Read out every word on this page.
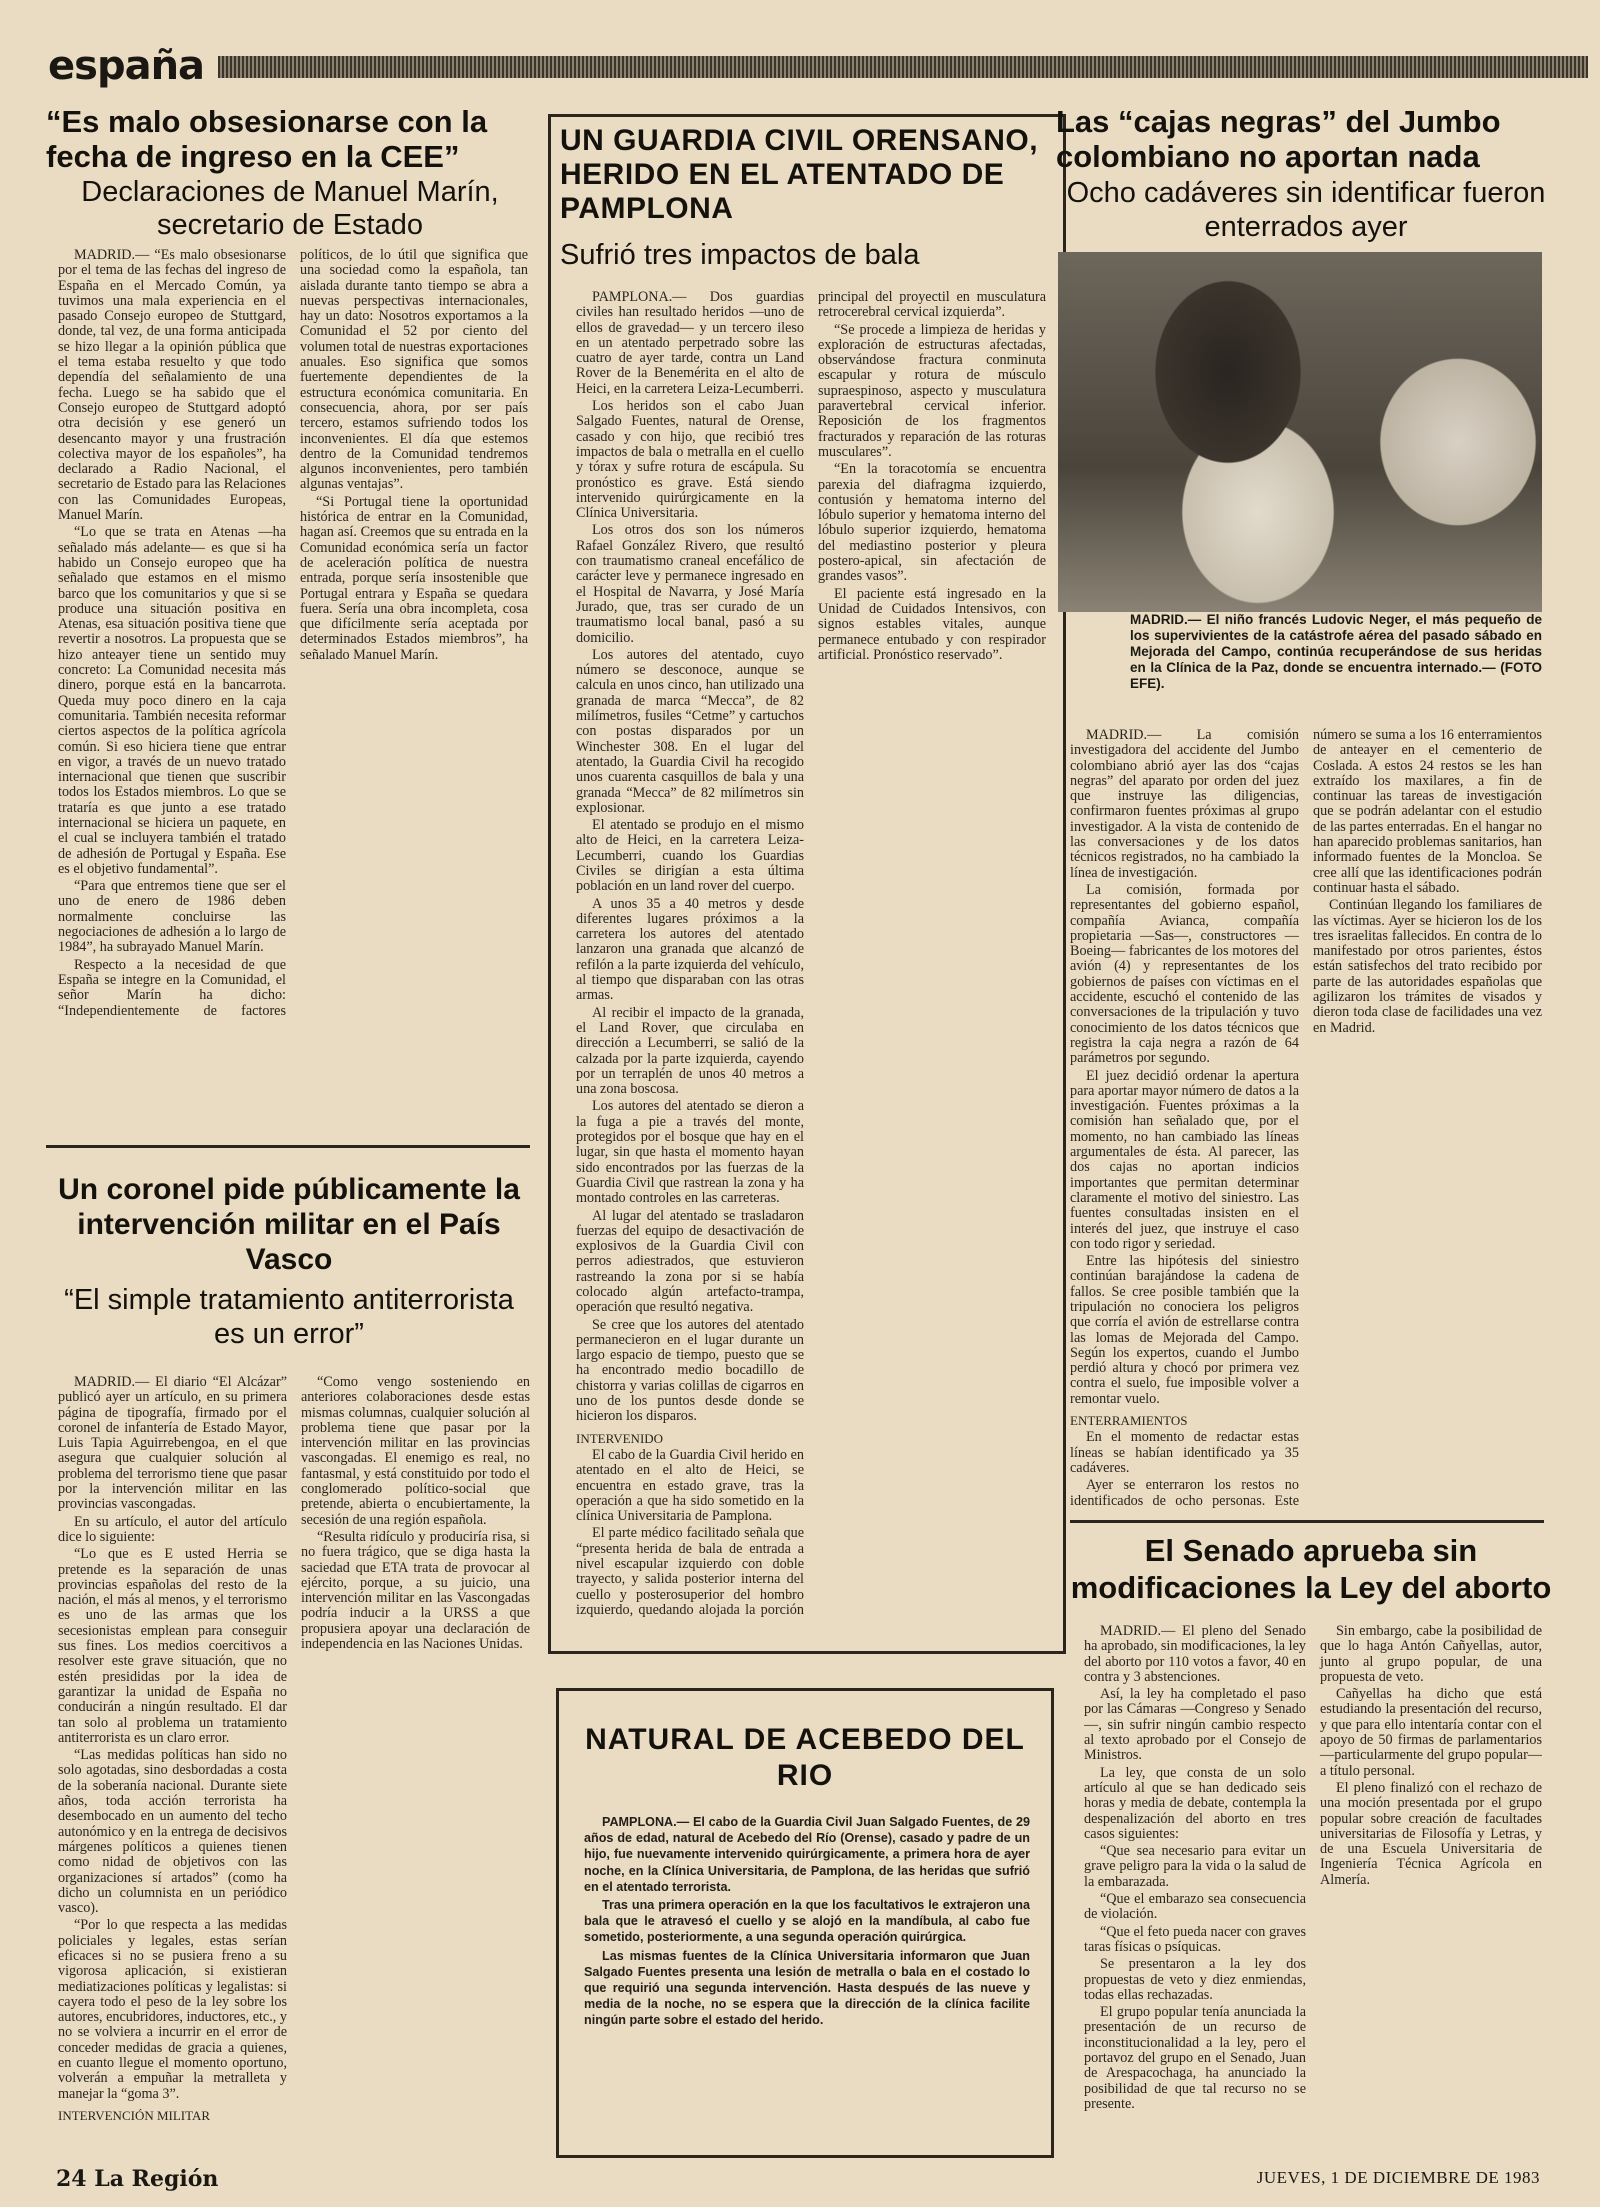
españa
“Es malo obsesionarse con la fecha de ingreso en la CEE”
Declaraciones de Manuel Marín, secretario de Estado

MADRID.— “Es malo obsesionarse por el tema de las fechas del ingreso de España en el Mercado Común, ya tuvimos una mala experiencia en el pasado Consejo europeo de Stuttgard, donde, tal vez, de una forma anticipada se hizo llegar a la opinión pública que el tema estaba resuelto y que todo dependía del señalamiento de una fecha. Luego se ha sabido que el Consejo europeo de Stuttgard adoptó otra decisión y ese generó un desencanto mayor y una frustración colectiva mayor de los españoles”, ha declarado a Radio Nacional, el secretario de Estado para las Relaciones con las Comunidades Europeas, Manuel Marín.

“Lo que se trata en Atenas —ha señalado más adelante— es que si ha habido un Consejo europeo que ha señalado que estamos en el mismo barco que los comunitarios y que si se produce una situación positiva en Atenas, esa situación positiva tiene que revertir a nosotros. La propuesta que se hizo anteayer tiene un sentido muy concreto: La Comunidad necesita más dinero, porque está en la bancarrota. Queda muy poco dinero en la caja comunitaria. También necesita reformar ciertos aspectos de la política agrícola común. Si eso hiciera tiene que entrar en vigor, a través de un nuevo tratado internacional que tienen que suscribir todos los Estados miembros. Lo que se trataría es que junto a ese tratado internacional se hiciera un paquete, en el cual se incluyera también el tratado de adhesión de Portugal y España. Ese es el objetivo fundamental”.

“Para que entremos tiene que ser el uno de enero de 1986 deben normalmente concluirse las negociaciones de adhesión a lo largo de 1984”, ha subrayado Manuel Marín.

Respecto a la necesidad de que España se integre en la Comunidad, el señor Marín ha dicho: “Independientemente de factores políticos, de lo útil que significa que una sociedad como la española, tan aislada durante tanto tiempo se abra a nuevas perspectivas internacionales, hay un dato: Nosotros exportamos a la Comunidad el 52 por ciento del volumen total de nuestras exportaciones anuales. Eso significa que somos fuertemente dependientes de la estructura económica comunitaria. En consecuencia, ahora, por ser país tercero, estamos sufriendo todos los inconvenientes. El día que estemos dentro de la Comunidad tendremos algunos inconvenientes, pero también algunas ventajas”.

“Si Portugal tiene la oportunidad histórica de entrar en la Comunidad, hagan así. Creemos que su entrada en la Comunidad económica sería un factor de aceleración política de nuestra entrada, porque sería insostenible que Portugal entrara y España se quedara fuera. Sería una obra incompleta, cosa que difícilmente sería aceptada por determinados Estados miembros”, ha señalado Manuel Marín.

UN GUARDIA CIVIL ORENSANO, HERIDO EN EL ATENTADO DE PAMPLONA
Sufrió tres impactos de bala

PAMPLONA.— Dos guardias civiles han resultado heridos —uno de ellos de gravedad— y un tercero ileso en un atentado perpetrado sobre las cuatro de ayer tarde, contra un Land Rover de la Benemérita en el alto de Heici, en la carretera Leiza-Lecumberri.

Los heridos son el cabo Juan Salgado Fuentes, natural de Orense, casado y con hijo, que recibió tres impactos de bala o metralla en el cuello y tórax y sufre rotura de escápula. Su pronóstico es grave. Está siendo intervenido quirúrgicamente en la Clínica Universitaria.

Los otros dos son los números Rafael González Rivero, que resultó con traumatismo craneal encefálico de carácter leve y permanece ingresado en el Hospital de Navarra, y José María Jurado, que, tras ser curado de un traumatismo local banal, pasó a su domicilio.

Los autores del atentado, cuyo número se desconoce, aunque se calcula en unos cinco, han utilizado una granada de marca “Mecca”, de 82 milímetros, fusiles “Cetme” y cartuchos con postas disparados por un Winchester 308. En el lugar del atentado, la Guardia Civil ha recogido unos cuarenta casquillos de bala y una granada “Mecca” de 82 milímetros sin explosionar.

El atentado se produjo en el mismo alto de Heici, en la carretera Leiza-Lecumberri, cuando los Guardias Civiles se dirigían a esta última población en un land rover del cuerpo.

A unos 35 a 40 metros y desde diferentes lugares próximos a la carretera los autores del atentado lanzaron una granada que alcanzó de refilón a la parte izquierda del vehículo, al tiempo que disparaban con las otras armas.

Al recibir el impacto de la granada, el Land Rover, que circulaba en dirección a Lecumberri, se salió de la calzada por la parte izquierda, cayendo por un terraplén de unos 40 metros a una zona boscosa.

Los autores del atentado se dieron a la fuga a pie a través del monte, protegidos por el bosque que hay en el lugar, sin que hasta el momento hayan sido encontrados por las fuerzas de la Guardia Civil que rastrean la zona y ha montado controles en las carreteras.

Al lugar del atentado se trasladaron fuerzas del equipo de desactivación de explosivos de la Guardia Civil con perros adiestrados, que estuvieron rastreando la zona por si se había colocado algún artefacto-trampa, operación que resultó negativa.

Se cree que los autores del atentado permanecieron en el lugar durante un largo espacio de tiempo, puesto que se ha encontrado medio bocadillo de chistorra y varias colillas de cigarros en uno de los puntos desde donde se hicieron los disparos.

INTERVENIDO

El cabo de la Guardia Civil herido en atentado en el alto de Heici, se encuentra en estado grave, tras la operación a que ha sido sometido en la clínica Universitaria de Pamplona.

El parte médico facilitado señala que “presenta herida de bala de entrada a nivel escapular izquierdo con doble trayecto, y salida posterior interna del cuello y posterosuperior del hombro izquierdo, quedando alojada la porción principal del proyectil en musculatura retrocerebral cervical izquierda”.

“Se procede a limpieza de heridas y exploración de estructuras afectadas, observándose fractura conminuta escapular y rotura de músculo supraespinoso, aspecto y musculatura paravertebral cervical inferior. Reposición de los fragmentos fracturados y reparación de las roturas musculares”.

“En la toracotomía se encuentra parexia del diafragma izquierdo, contusión y hematoma interno del lóbulo superior y hematoma interno del lóbulo superior izquierdo, hematoma del mediastino posterior y pleura postero-apical, sin afectación de grandes vasos”.

El paciente está ingresado en la Unidad de Cuidados Intensivos, con signos estables vitales, aunque permanece entubado y con respirador artificial. Pronóstico reservado”.

Las “cajas negras” del Jumbo colombiano no aportan nada
Ocho cadáveres sin identificar fueron enterrados ayer
MADRID.— El niño francés Ludovic Neger, el más pequeño de los supervivientes de la catástrofe aérea del pasado sábado en Mejorada del Campo, continúa recuperándose de sus heridas en la Clínica de la Paz, donde se encuentra internado.— (FOTO EFE).

MADRID.— La comisión investigadora del accidente del Jumbo colombiano abrió ayer las dos “cajas negras” del aparato por orden del juez que instruye las diligencias, confirmaron fuentes próximas al grupo investigador. A la vista de contenido de las conversaciones y de los datos técnicos registrados, no ha cambiado la línea de investigación.

La comisión, formada por representantes del gobierno español, compañía Avianca, compañía propietaria —Sas—, constructores —Boeing— fabricantes de los motores del avión (4) y representantes de los gobiernos de países con víctimas en el accidente, escuchó el contenido de las conversaciones de la tripulación y tuvo conocimiento de los datos técnicos que registra la caja negra a razón de 64 parámetros por segundo.

El juez decidió ordenar la apertura para aportar mayor número de datos a la investigación. Fuentes próximas a la comisión han señalado que, por el momento, no han cambiado las líneas argumentales de ésta. Al parecer, las dos cajas no aportan indicios importantes que permitan determinar claramente el motivo del siniestro. Las fuentes consultadas insisten en el interés del juez, que instruye el caso con todo rigor y seriedad.

Entre las hipótesis del siniestro continúan barajándose la cadena de fallos. Se cree posible también que la tripulación no conociera los peligros que corría el avión de estrellarse contra las lomas de Mejorada del Campo. Según los expertos, cuando el Jumbo perdió altura y chocó por primera vez contra el suelo, fue imposible volver a remontar vuelo.

ENTERRAMIENTOS

En el momento de redactar estas líneas se habían identificado ya 35 cadáveres.

Ayer se enterraron los restos no identificados de ocho personas. Este número se suma a los 16 enterramientos de anteayer en el cementerio de Coslada. A estos 24 restos se les han extraído los maxilares, a fin de continuar las tareas de investigación que se podrán adelantar con el estudio de las partes enterradas. En el hangar no han aparecido problemas sanitarios, han informado fuentes de la Moncloa. Se cree allí que las identificaciones podrán continuar hasta el sábado.

Continúan llegando los familiares de las víctimas. Ayer se hicieron los de los tres israelitas fallecidos. En contra de lo manifestado por otros parientes, éstos están satisfechos del trato recibido por parte de las autoridades españolas que agilizaron los trámites de visados y dieron toda clase de facilidades una vez en Madrid.

Un coronel pide públicamente la intervención militar en el País Vasco
“El simple tratamiento antiterrorista es un error”

MADRID.— El diario “El Alcázar” publicó ayer un artículo, en su primera página de tipografía, firmado por el coronel de infantería de Estado Mayor, Luis Tapia Aguirrebengoa, en el que asegura que cualquier solución al problema del terrorismo tiene que pasar por la intervención militar en las provincias vascongadas.

En su artículo, el autor del artículo dice lo siguiente:

“Lo que es E usted Herria se pretende es la separación de unas provincias españolas del resto de la nación, el más al menos, y el terrorismo es uno de las armas que los secesionistas emplean para conseguir sus fines. Los medios coercitivos a resolver este grave situación, que no estén presididas por la idea de garantizar la unidad de España no conducirán a ningún resultado. El dar tan solo al problema un tratamiento antiterrorista es un claro error.

“Las medidas políticas han sido no solo agotadas, sino desbordadas a costa de la soberanía nacional. Durante siete años, toda acción terrorista ha desembocado en un aumento del techo autonómico y en la entrega de decisivos márgenes políticos a quienes tienen como nidad de objetivos con las organizaciones sí artados” (como ha dicho un columnista en un periódico vasco).

“Por lo que respecta a las medidas policiales y legales, estas serían eficaces si no se pusiera freno a su vigorosa aplicación, si existieran mediatizaciones políticas y legalistas: si cayera todo el peso de la ley sobre los autores, encubridores, inductores, etc., y no se volviera a incurrir en el error de conceder medidas de gracia a quienes, en cuanto llegue el momento oportuno, volverán a empuñar la metralleta y manejar la “goma 3”.

INTERVENCIÓN MILITAR

“Como vengo sosteniendo en anteriores colaboraciones desde estas mismas columnas, cualquier solución al problema tiene que pasar por la intervención militar en las provincias vascongadas. El enemigo es real, no fantasmal, y está constituido por todo el conglomerado político-social que pretende, abierta o encubiertamente, la secesión de una región española.

“Resulta ridículo y produciría risa, si no fuera trágico, que se diga hasta la saciedad que ETA trata de provocar al ejército, porque, a su juicio, una intervención militar en las Vascongadas podría inducir a la URSS a que propusiera apoyar una declaración de independencia en las Naciones Unidas.

NATURAL DE ACEBEDO DEL RIO

PAMPLONA.— El cabo de la Guardia Civil Juan Salgado Fuentes, de 29 años de edad, natural de Acebedo del Río (Orense), casado y padre de un hijo, fue nuevamente intervenido quirúrgicamente, a primera hora de ayer noche, en la Clínica Universitaria, de Pamplona, de las heridas que sufrió en el atentado terrorista.

Tras una primera operación en la que los facultativos le extrajeron una bala que le atravesó el cuello y se alojó en la mandíbula, al cabo fue sometido, posteriormente, a una segunda operación quirúrgica.

Las mismas fuentes de la Clínica Universitaria informaron que Juan Salgado Fuentes presenta una lesión de metralla o bala en el costado lo que requirió una segunda intervención. Hasta después de las nueve y media de la noche, no se espera que la dirección de la clínica facilite ningún parte sobre el estado del herido.

El Senado aprueba sin modificaciones la Ley del aborto

MADRID.— El pleno del Senado ha aprobado, sin modificaciones, la ley del aborto por 110 votos a favor, 40 en contra y 3 abstenciones.

Así, la ley ha completado el paso por las Cámaras —Congreso y Senado—, sin sufrir ningún cambio respecto al texto aprobado por el Consejo de Ministros.

La ley, que consta de un solo artículo al que se han dedicado seis horas y media de debate, contempla la despenalización del aborto en tres casos siguientes:

“Que sea necesario para evitar un grave peligro para la vida o la salud de la embarazada.

“Que el embarazo sea consecuencia de violación.

“Que el feto pueda nacer con graves taras físicas o psíquicas.

Se presentaron a la ley dos propuestas de veto y diez enmiendas, todas ellas rechazadas.

El grupo popular tenía anunciada la presentación de un recurso de inconstitucionalidad a la ley, pero el portavoz del grupo en el Senado, Juan de Arespacochaga, ha anunciado la posibilidad de que tal recurso no se presente.

Sin embargo, cabe la posibilidad de que lo haga Antón Cañyellas, autor, junto al grupo popular, de una propuesta de veto.

Cañyellas ha dicho que está estudiando la presentación del recurso, y que para ello intentaría contar con el apoyo de 50 firmas de parlamentarios —particularmente del grupo popular— a título personal.

El pleno finalizó con el rechazo de una moción presentada por el grupo popular sobre creación de facultades universitarias de Filosofía y Letras, y de una Escuela Universitaria de Ingeniería Técnica Agrícola en Almería.

24 La Región	JUEVES, 1 DE DICIEMBRE DE 1983
